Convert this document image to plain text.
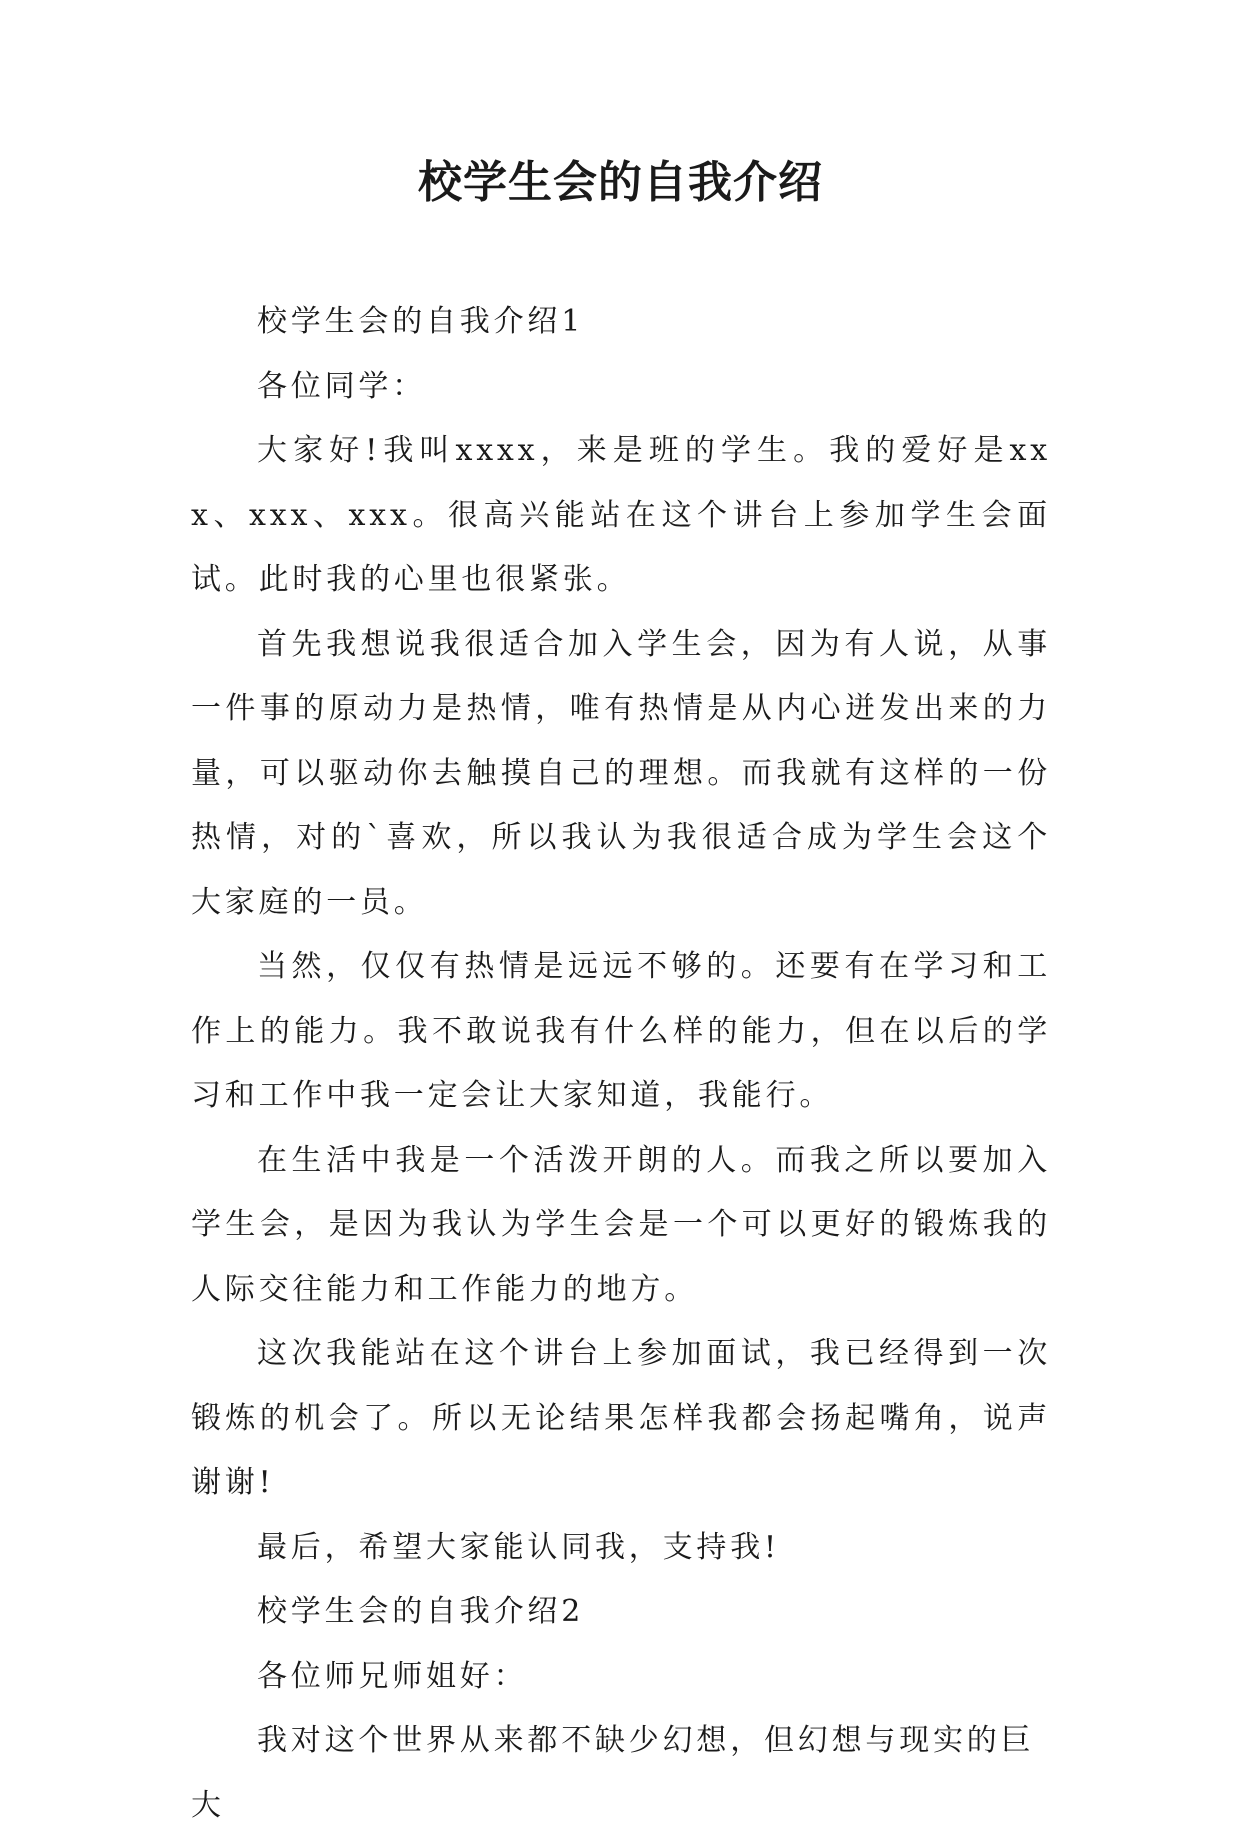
校学生会的自我介绍

校学生会的自我介绍1

各位同学：

大家好!我叫xxxx，来是班的学生。我的爱好是xxx、xxx、xxx。很高兴能站在这个讲台上参加学生会面试。此时我的心里也很紧张。

首先我想说我很适合加入学生会，因为有人说，从事一件事的原动力是热情，唯有热情是从内心迸发出来的力量，可以驱动你去触摸自己的理想。而我就有这样的一份热情，对的`喜欢，所以我认为我很适合成为学生会这个大家庭的一员。

当然，仅仅有热情是远远不够的。还要有在学习和工作上的能力。我不敢说我有什么样的能力，但在以后的学习和工作中我一定会让大家知道，我能行。

在生活中我是一个活泼开朗的人。而我之所以要加入学生会，是因为我认为学生会是一个可以更好的锻炼我的人际交往能力和工作能力的地方。

这次我能站在这个讲台上参加面试，我已经得到一次锻炼的机会了。所以无论结果怎样我都会扬起嘴角，说声谢谢!

最后，希望大家能认同我，支持我!

校学生会的自我介绍2

各位师兄师姐好：

我对这个世界从来都不缺少幻想，但幻想与现实的巨大
